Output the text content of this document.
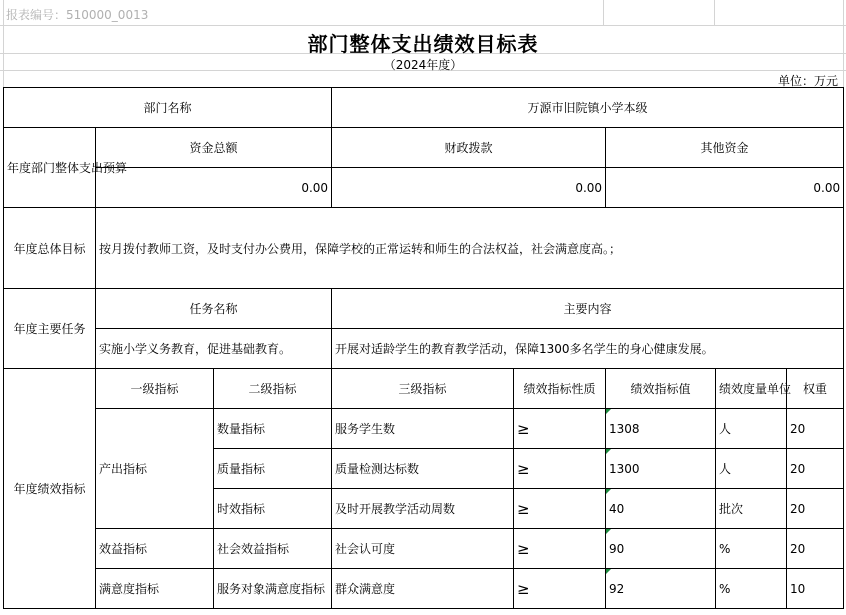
报表编号：510000_0013
部门整体支出绩效目标表
（2024年度）
单位：万元
部门名称			万源市旧院镇小学本级				
年度部门整体支出预算	资金总额		财政拨款		其他资金		
	0.00		0.00		0.00		
年度总体目标	按月拨付教师工资，及时支付办公费用，保障学校的正常运转和师生的合法权益，社会满意度高。；						
年度主要任务	任务名称		主要内容				
	实施小学义务教育，促进基础教育。		开展对适龄学生的教育教学活动，保障1300多名学生的身心健康发展。				
年度绩效指标	一级指标	二级指标	三级指标	绩效指标性质	绩效指标值	绩效度量单位	权重
	产出指标	数量指标	服务学生数	≥	1308	人	20
		质量指标	质量检测达标数	≥	1300	人	20
		时效指标	及时开展教学活动周数	≥	40	批次	20
	效益指标	社会效益指标	社会认可度	≥	90	%	20
	满意度指标	服务对象满意度指标	群众满意度	≥	92	%	10
